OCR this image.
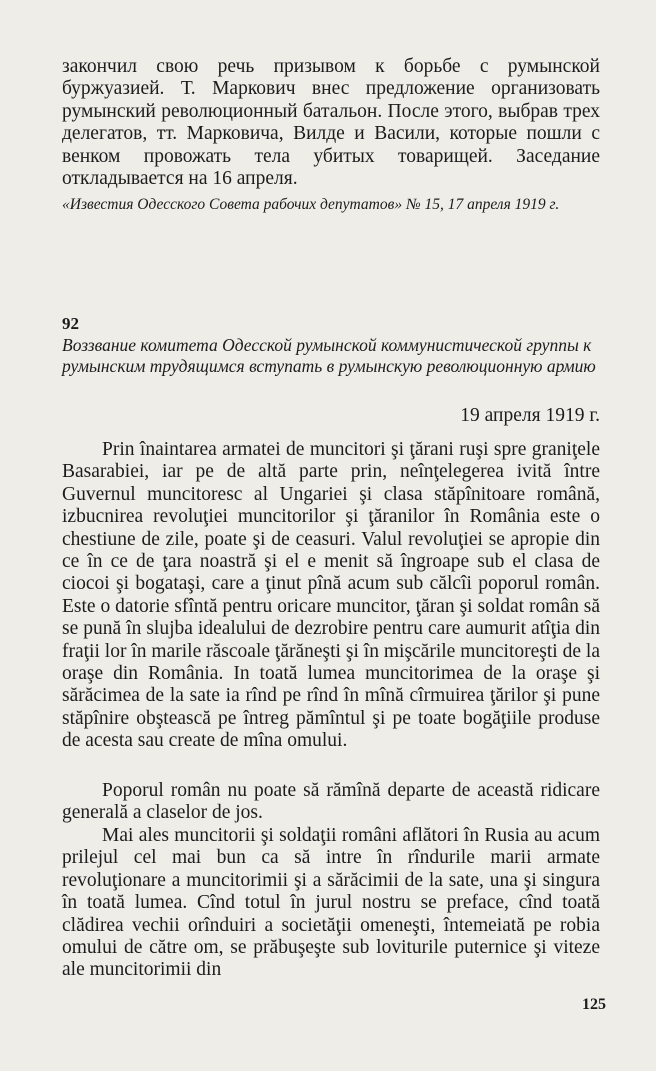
закончил свою речь призывом к борьбе с румынской буржуазией. Т. Маркович внес предложение организовать румынский революционный батальон. После этого, выбрав трех делегатов, тт. Марковича, Вилде и Васили, которые пошли с венком провожать тела убитых товарищей. Заседание откладывается на 16 апреля.

«Известия Одесского Совета рабочих депутатов» № 15, 17 апреля 1919 г.

92

Воззвание комитета Одесской румынской коммунистической группы к румынским трудящимся вступать в румынскую революционную армию

19 апреля 1919 г.

Prin înaintarea armatei de muncitori şi ţărani ruşi spre graniţele Basarabiei, iar pe de altă parte prin, neînţelegerea ivită între Guvernul muncitoresc al Ungariei şi clasa stăpînitoare română, izbucnirea revoluţiei muncitorilor şi ţăranilor în România este o chestiune de zile, poate şi de ceasuri. Valul revoluţiei se apropie din ce în ce de ţara noastră şi el e menit să îngroape sub el clasa de ciocoi şi bogataşi, care a ţinut pînă acum sub călcîi poporul român. Este o datorie sfîntă pentru oricare muncitor, ţăran şi soldat român să se pună în slujba idealului de dezrobire pentru care aumurit atîţia din fraţii lor în marile răscoale ţărăneşti şi în mişcările muncitoreşti de la oraşe din România. In toată lumea muncitorimea de la oraşe şi sărăcimea de la sate ia rînd pe rînd în mînă cîrmuirea ţărilor şi pune stăpînire obştească pe întreg pămîntul şi pe toate bogăţiile produse de acesta sau create de mîna omului.

Poporul român nu poate să rămînă departe de această ridicare generală a claselor de jos.

Mai ales muncitorii şi soldaţii români aflători în Rusia au acum prilejul cel mai bun ca să intre în rîndurile marii armate revoluţionare a muncitorimii şi a sărăcimii de la sate, una şi singura în toată lumea. Cînd totul în jurul nostru se preface, cînd toată clădirea vechii orînduiri a societăţii omeneşti, întemeiată pe robia omului de către om, se prăbuşeşte sub loviturile puternice şi viteze ale muncitorimii din

125
